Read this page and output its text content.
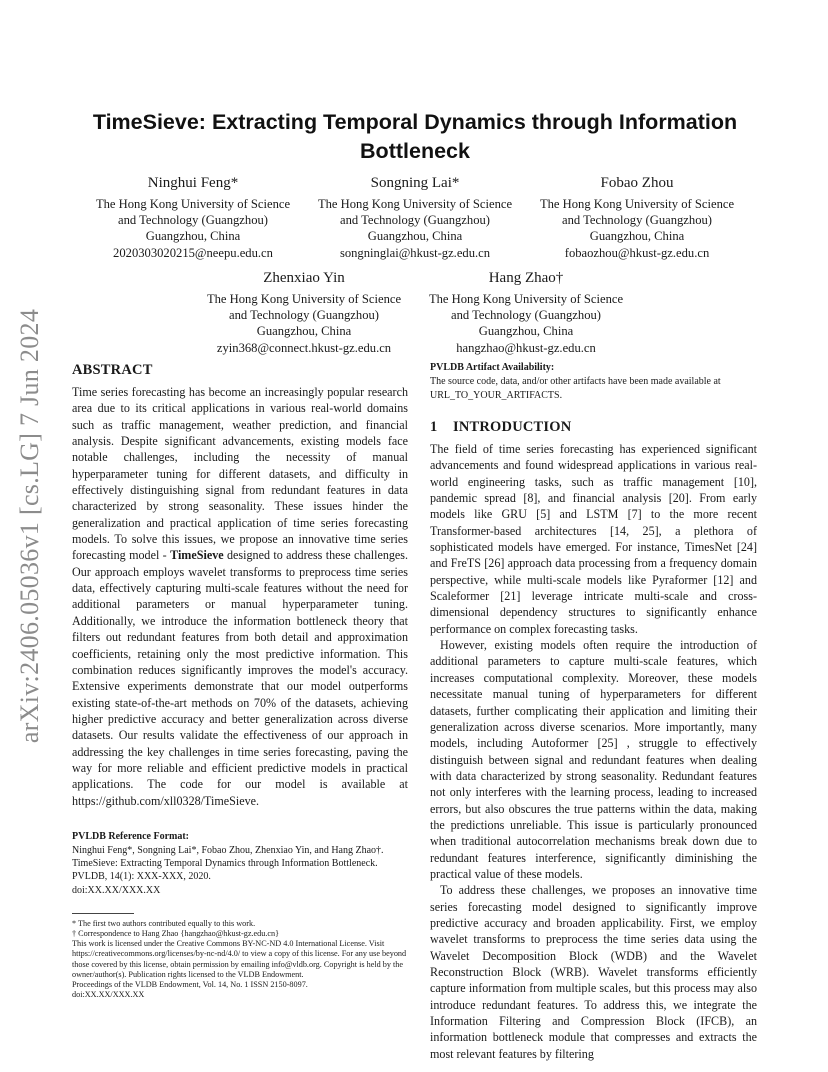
arXiv:2406.05036v1 [cs.LG] 7 Jun 2024
TimeSieve: Extracting Temporal Dynamics through Information Bottleneck
Ninghui Feng*
The Hong Kong University of Science
and Technology (Guangzhou)
Guangzhou, China
2020303020215@neepu.edu.cn
Songning Lai*
The Hong Kong University of Science
and Technology (Guangzhou)
Guangzhou, China
songninglai@hkust-gz.edu.cn
Fobao Zhou
The Hong Kong University of Science
and Technology (Guangzhou)
Guangzhou, China
fobaozhou@hkust-gz.edu.cn
Zhenxiao Yin
The Hong Kong University of Science
and Technology (Guangzhou)
Guangzhou, China
zyin368@connect.hkust-gz.edu.cn
Hang Zhao†
The Hong Kong University of Science
and Technology (Guangzhou)
Guangzhou, China
hangzhao@hkust-gz.edu.cn
ABSTRACT

Time series forecasting has become an increasingly popular research area due to its critical applications in various real-world domains such as traffic management, weather prediction, and financial analysis. Despite significant advancements, existing models face notable challenges, including the necessity of manual hyperparameter tuning for different datasets, and difficulty in effectively distinguishing signal from redundant features in data characterized by strong seasonality. These issues hinder the generalization and practical application of time series forecasting models. To solve this issues, we propose an innovative time series forecasting model - TimeSieve designed to address these challenges. Our approach employs wavelet transforms to preprocess time series data, effectively capturing multi-scale features without the need for additional parameters or manual hyperparameter tuning. Additionally, we introduce the information bottleneck theory that filters out redundant features from both detail and approximation coefficients, retaining only the most predictive information. This combination reduces significantly improves the model's accuracy. Extensive experiments demonstrate that our model outperforms existing state-of-the-art methods on 70% of the datasets, achieving higher predictive accuracy and better generalization across diverse datasets. Our results validate the effectiveness of our approach in addressing the key challenges in time series forecasting, paving the way for more reliable and efficient predictive models in practical applications. The code for our model is available at https://github.com/xll0328/TimeSieve.

PVLDB Reference Format:
Ninghui Feng*, Songning Lai*, Fobao Zhou, Zhenxiao Yin, and Hang Zhao†. TimeSieve: Extracting Temporal Dynamics through Information Bottleneck. PVLDB, 14(1): XXX-XXX, 2020.
doi:XX.XX/XXX.XX
* The first two authors contributed equally to this work.
† Correspondence to Hang Zhao {hangzhao@hkust-gz.edu.cn}
This work is licensed under the Creative Commons BY-NC-ND 4.0 International License. Visit https://creativecommons.org/licenses/by-nc-nd/4.0/ to view a copy of this license. For any use beyond those covered by this license, obtain permission by emailing info@vldb.org. Copyright is held by the owner/author(s). Publication rights licensed to the VLDB Endowment.
Proceedings of the VLDB Endowment, Vol. 14, No. 1 ISSN 2150-8097.
doi:XX.XX/XXX.XX
PVLDB Artifact Availability:
The source code, data, and/or other artifacts have been made available at URL_TO_YOUR_ARTIFACTS.
1 INTRODUCTION

The field of time series forecasting has experienced significant advancements and found widespread applications in various real-world engineering tasks, such as traffic management [10], pandemic spread [8], and financial analysis [20]. From early models like GRU [5] and LSTM [7] to the more recent Transformer-based architectures [14, 25], a plethora of sophisticated models have emerged. For instance, TimesNet [24] and FreTS [26] approach data processing from a frequency domain perspective, while multi-scale models like Pyraformer [12] and Scaleformer [21] leverage intricate multi-scale and cross-dimensional dependency structures to significantly enhance performance on complex forecasting tasks.

However, existing models often require the introduction of additional parameters to capture multi-scale features, which increases computational complexity. Moreover, these models necessitate manual tuning of hyperparameters for different datasets, further complicating their application and limiting their generalization across diverse scenarios. More importantly, many models, including Autoformer [25] , struggle to effectively distinguish between signal and redundant features when dealing with data characterized by strong seasonality. Redundant features not only interferes with the learning process, leading to increased errors, but also obscures the true patterns within the data, making the predictions unreliable. This issue is particularly pronounced when traditional autocorrelation mechanisms break down due to redundant features interference, significantly diminishing the practical value of these models.

To address these challenges, we proposes an innovative time series forecasting model designed to significantly improve predictive accuracy and broaden applicability. First, we employ wavelet transforms to preprocess the time series data using the Wavelet Decomposition Block (WDB) and the Wavelet Reconstruction Block (WRB). Wavelet transforms efficiently capture information from multiple scales, but this process may also introduce redundant features. To address this, we integrate the Information Filtering and Compression Block (IFCB), an information bottleneck module that compresses and extracts the most relevant features by filtering
